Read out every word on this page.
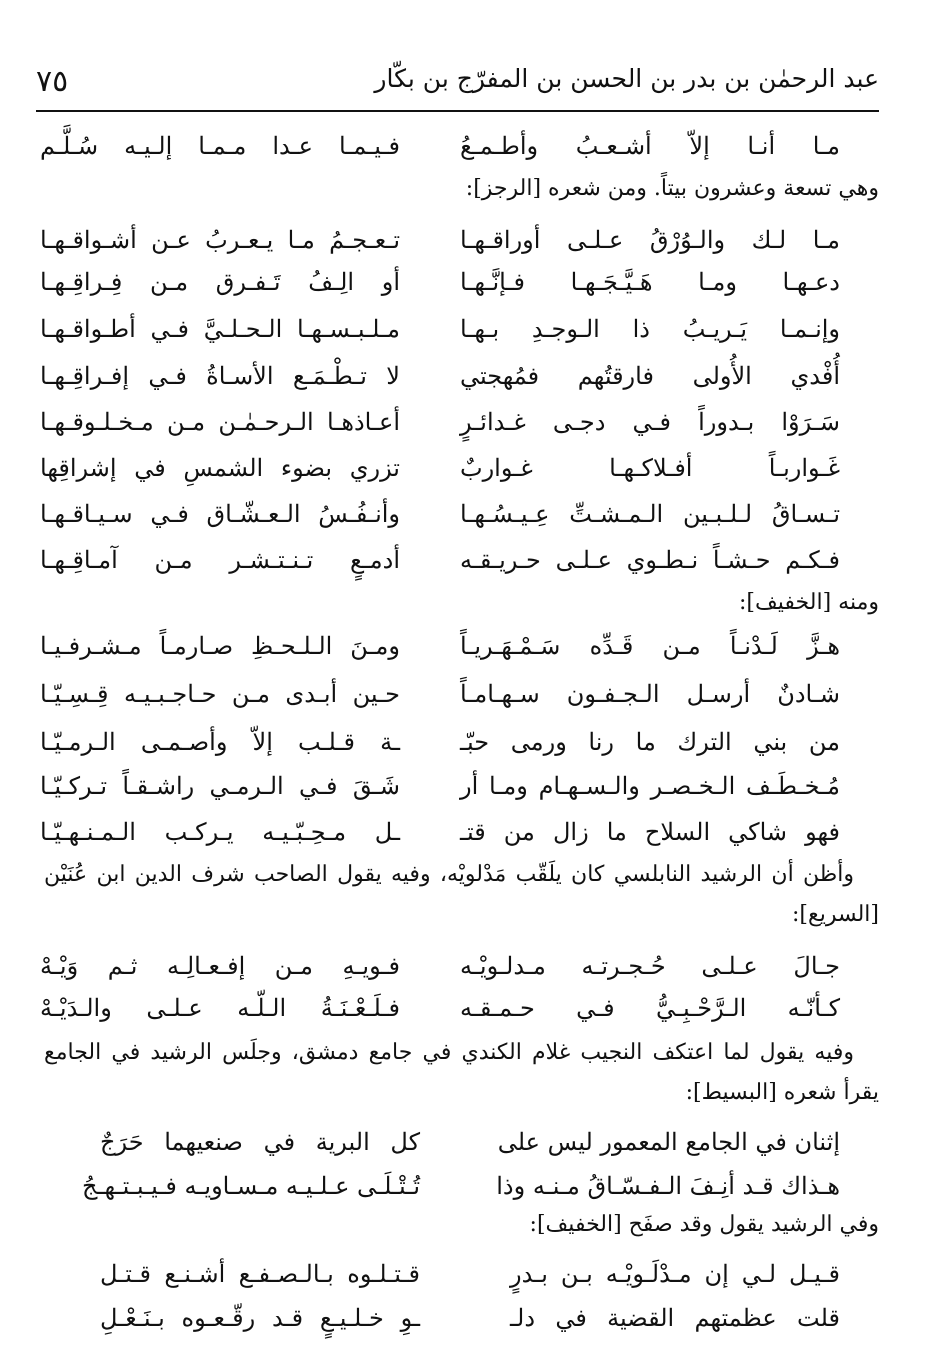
٧٥	عبد الرحمٰن بن بدر بن الحسن بن المفرّج بن بكّار
مـا أنـا إلاّ أشـعـبُ وأطـمـعُ
فـيـمـا عـدا مـمـا إلـيـه سُـلَّـم
وهي تسعة وعشرون بيتاً. ومن شعره [الرجز]:
مـا لـك والـوُرْقُ عـلـى أوراقـهـا
تـعـجـمُ مـا يـعـربُ عـن أشـواقـهـا
دعـهـا ومـا هَـيَّـجَـهـا فـإنَّـهـا
أو الِـفُ تَـفـرق مـن فِـراقِـهـا
وإنـمـا يَـريـبُ ذا الـوجـدِ بـهـا
مـلـبـسـهـا الـحـلـيَّ فـي أطـواقـهـا
أُفْدي الأُولى فارقتُهم فمُهجتي
لا تـطْـمَـع الأسـاةُ فـي إفـراقِـهـا
سَـرَوْا بـدوراً فـي دجـى غـدائـرٍ
أعـاذهـا الـرحـمٰـن مـن مـخـلـوقـهـا
غَـواربـاً أفـلاكـهـا غـواربٌ
تزري بضوء الشمسِ في إشراقِها
تـسـاقُ لـلـبـين الـمـشـتِّ عِـيـسُـهـا
وأنـفُـسُ الـعـشّـاق فـي سـيـاقـهـا
فـكـم حـشـاً نـطـوي عـلـى حـريـقـه
أدمـعٍ تـنـتـشـر مـن آمـاقِـهـا
ومنه [الخفيف]:
هـزَّ لَـدْنـاً مـن قَـدِّه سَـمْـهَـريـاً
ومـنَ الـلـحـظِ صـارمـاً مـشـرفـيـا
شـادنٌ أرسـل الـجـفـون سـهـامـاً
حـين أبـدى مـن حـاجـبـيـه قِـسِـيّـا
من بني الترك ما رنا ورمى حبّـ
ـة قـلـب إلاّ وأصـمـى الـرمـيّـا
مُـخـطَـف الـخـصـر والـسـهـام ومـا أر
شَـقَ فـي الـرمـي راشـقـاً تـركـيّـا
فهو شاكي السلاح ما زال من قتـ
ـل مـحِـبّـيـه يـركـب الـمـنـهـيّـا
وأظن أن الرشيد النابلسي كان يلَقّب مَدْلويْه، وفيه يقول الصاحب شرف الدين ابن عُنَيْن
[السريع]:
جـالَ عـلـى حُـجـرتـه مـدلـويْـه
فـويـهِ مـن إفـعـالِـه ثـم وَيْـهْ
كـأنّـه الـرَّحْـبِـيُّ فـي حـمـقـه
فـلَـعْـنَـةُ الـلّـه عـلـى والـدَيْـهْ
وفيه يقول لما اعتكف النجيب غلام الكندي في جامع دمشق، وجلَس الرشيد في الجامع
يقرأ شعره [البسيط]:
إثنان في الجامع المعمور ليس على
كل البرية في صنعيهما حَرَجٌ
هـذاك قـد أنِـفَ الـفـسّـاقُ مـنـه وذا
تُـتْـلَـى عـلـيـه مـسـاويـه فـيـبـتـهـجُ
وفي الرشيد يقول وقد صفَح [الخفيف]:
قـيـل لـي إن مـدْلَـويْـه بـن بـدرٍ
قـتـلـوه بـالـصـفـع أشـنـع قـتـل
قلت عظمتهم القضية في دلـ
ـوِ خـلـيـعٍ قـد رقّـعـوه بـنَـعْـلِ
